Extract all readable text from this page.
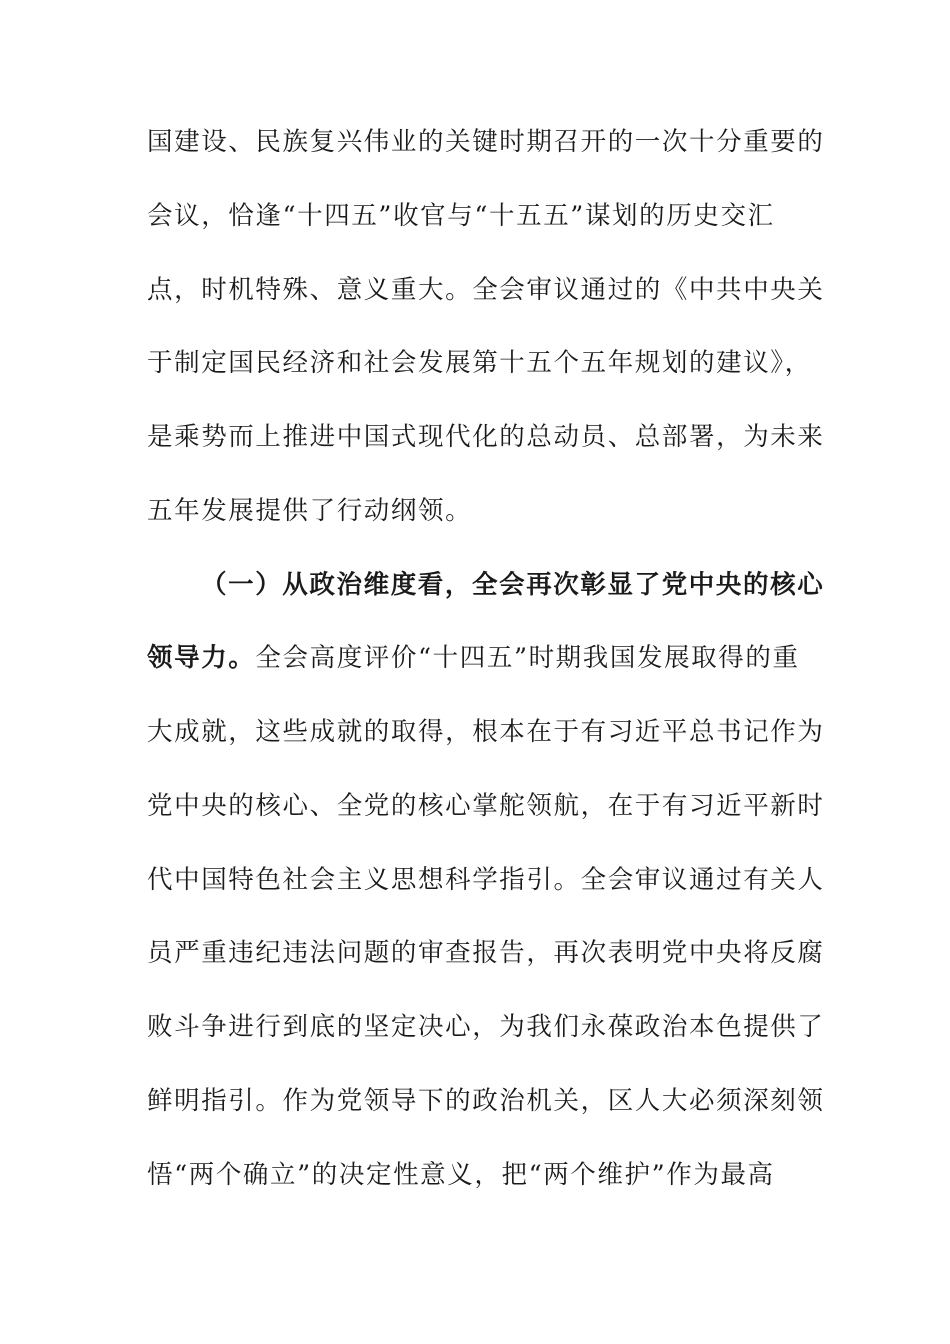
国建设、民族复兴伟业的关键时期召开的一次十分重要的
会议，恰逢“十四五”收官与“十五五”谋划的历史交汇
点，时机特殊、意义重大。全会审议通过的《中共中央关
于制定国民经济和社会发展第十五个五年规划的建议》，
是乘势而上推进中国式现代化的总动员、总部署，为未来
五年发展提供了行动纲领。
（一）从政治维度看，全会再次彰显了党中央的核心
领导力。全会高度评价“十四五”时期我国发展取得的重
大成就，这些成就的取得，根本在于有习近平总书记作为
党中央的核心、全党的核心掌舵领航，在于有习近平新时
代中国特色社会主义思想科学指引。全会审议通过有关人
员严重违纪违法问题的审查报告，再次表明党中央将反腐
败斗争进行到底的坚定决心，为我们永葆政治本色提供了
鲜明指引。作为党领导下的政治机关，区人大必须深刻领
悟“两个确立”的决定性意义，把“两个维护”作为最高
